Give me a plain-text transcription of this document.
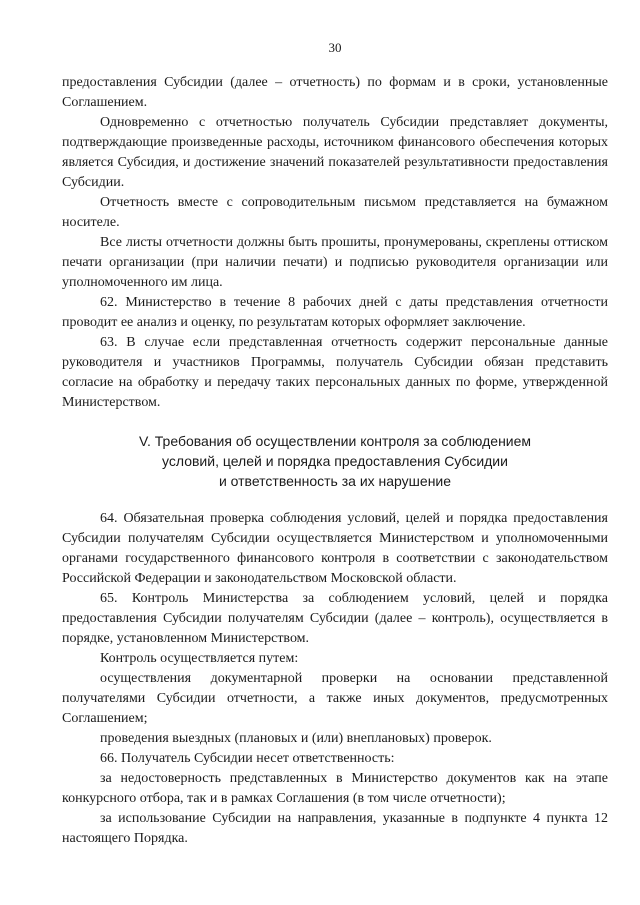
30

предоставления Субсидии (далее – отчетность) по формам и в сроки, установленные Соглашением.

Одновременно с отчетностью получатель Субсидии представляет документы, подтверждающие произведенные расходы, источником финансового обеспечения которых является Субсидия, и достижение значений показателей результативности предоставления Субсидии.

Отчетность вместе с сопроводительным письмом представляется на бумажном носителе.

Все листы отчетности должны быть прошиты, пронумерованы, скреплены оттиском печати организации (при наличии печати) и подписью руководителя организации или уполномоченного им лица.

62. Министерство в течение 8 рабочих дней с даты представления отчетности проводит ее анализ и оценку, по результатам которых оформляет заключение.

63. В случае если представленная отчетность содержит персональные данные руководителя и участников Программы, получатель Субсидии обязан представить согласие на обработку и передачу таких персональных данных по форме, утвержденной Министерством.

V. Требования об осуществлении контроля за соблюдением
условий, целей и порядка предоставления Субсидии
и ответственность за их нарушение

64. Обязательная проверка соблюдения условий, целей и порядка предоставления Субсидии получателям Субсидии осуществляется Министерством и уполномоченными органами государственного финансового контроля в соответствии с законодательством Российской Федерации и законодательством Московской области.

65. Контроль Министерства за соблюдением условий, целей и порядка предоставления Субсидии получателям Субсидии (далее – контроль), осуществляется в порядке, установленном Министерством.

Контроль осуществляется путем:

осуществления документарной проверки на основании представленной получателями Субсидии отчетности, а также иных документов, предусмотренных Соглашением;

проведения выездных (плановых и (или) внеплановых) проверок.

66. Получатель Субсидии несет ответственность:

за недостоверность представленных в Министерство документов как на этапе конкурсного отбора, так и в рамках Соглашения (в том числе отчетности);

за использование Субсидии на направления, указанные в подпункте 4 пункта 12 настоящего Порядка.
